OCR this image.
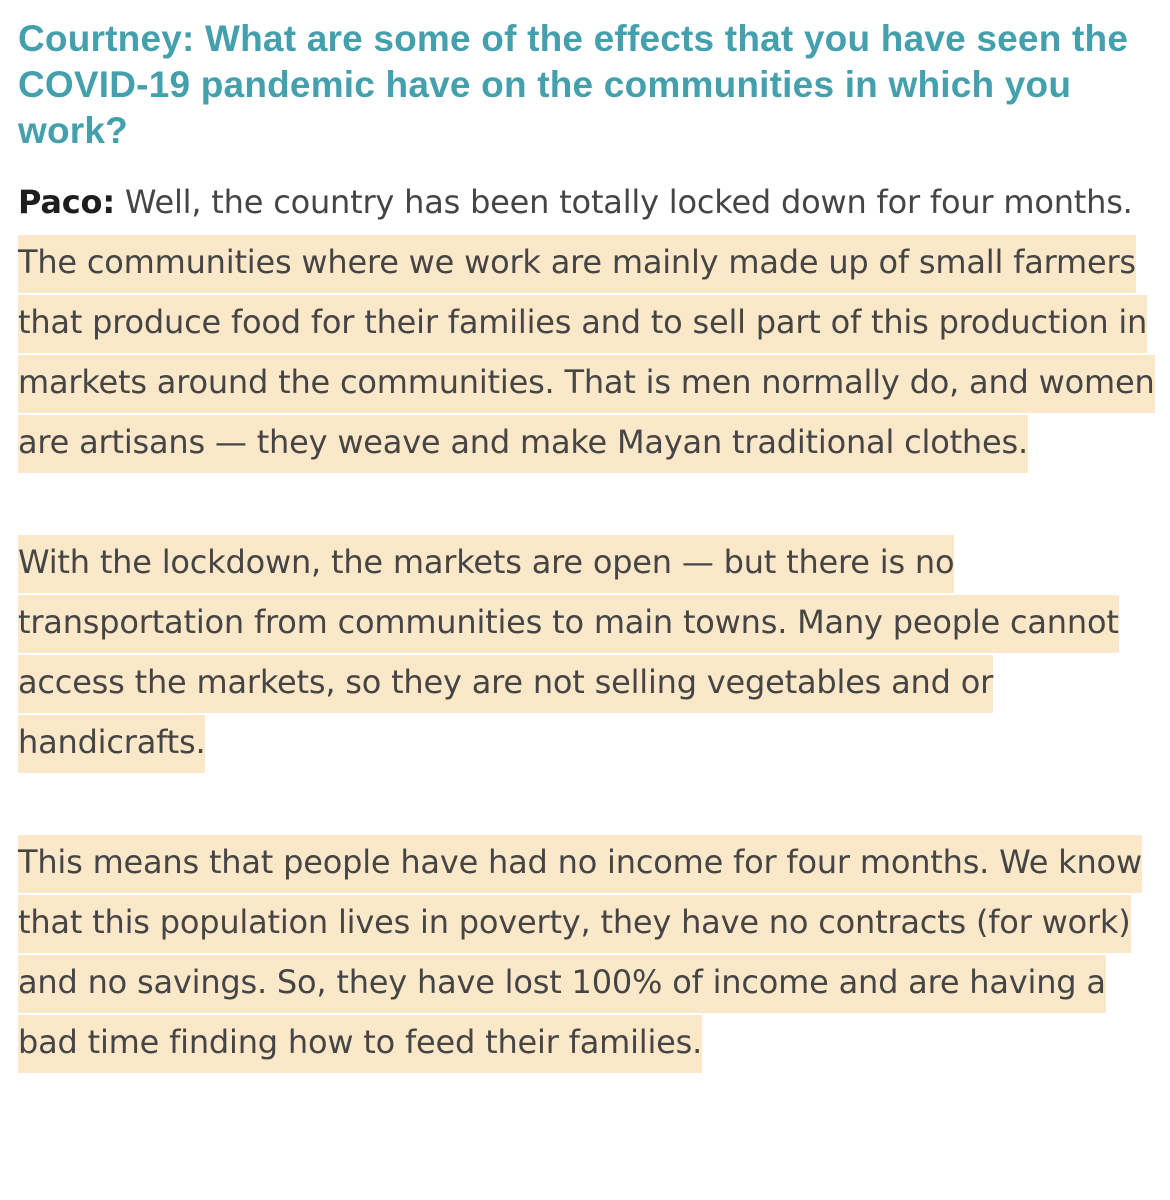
Courtney: What are some of the effects that you have seen the COVID-19 pandemic have on the communities in which you work?

Paco: Well, the country has been totally locked down for four months. The communities where we work are mainly made up of small farmers that produce food for their families and to sell part of this production in markets around the communities. That is men normally do, and women are artisans — they weave and make Mayan traditional clothes.
With the lockdown, the markets are open — but there is no transportation from communities to main towns. Many people cannot access the markets, so they are not selling vegetables and or handicrafts.
This means that people have had no income for four months. We know that this population lives in poverty, they have no contracts (for work) and no savings. So, they have lost 100% of income and are having a bad time finding how to feed their families.
